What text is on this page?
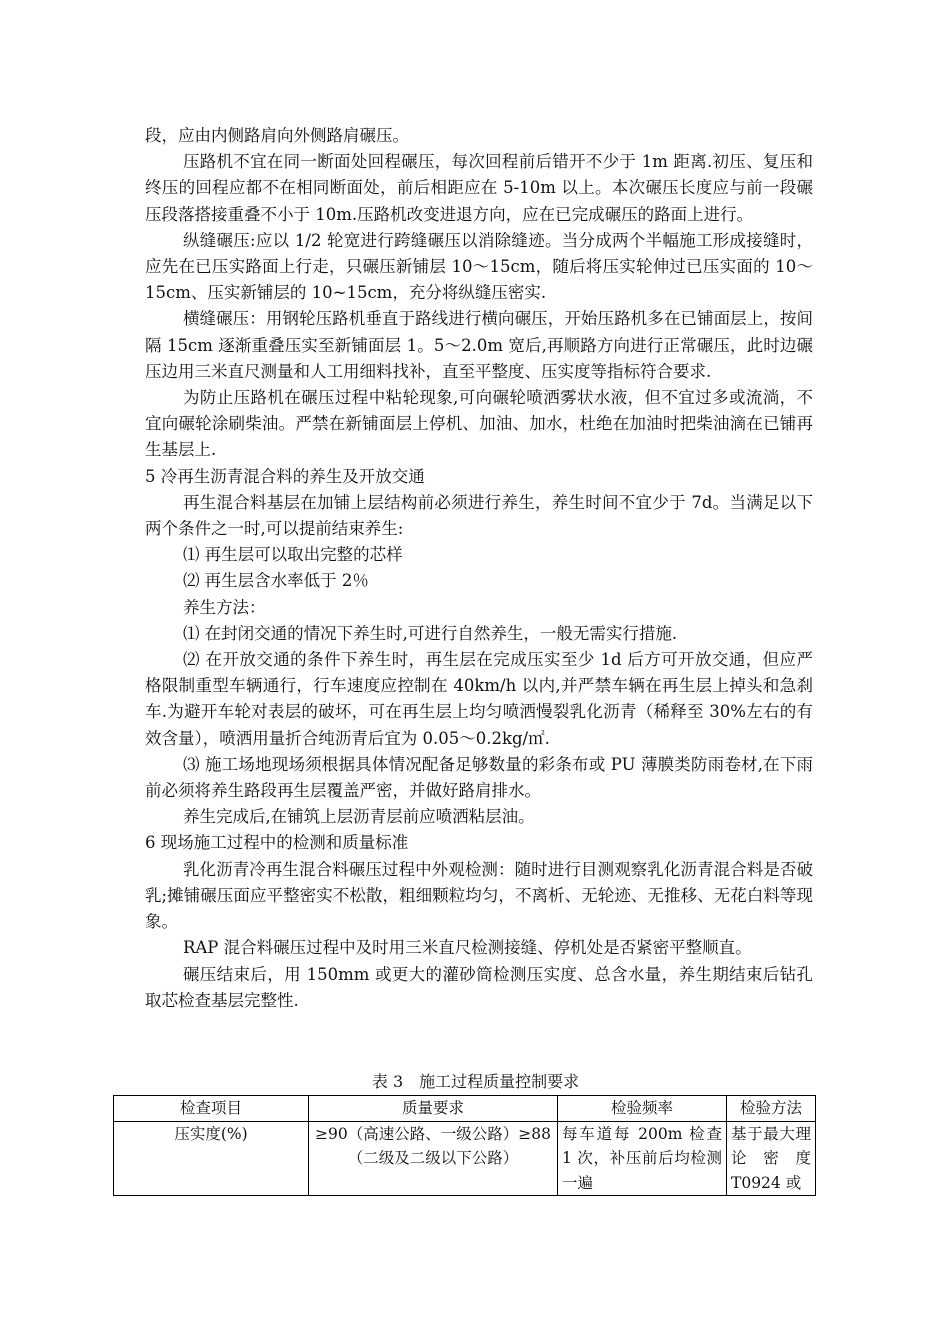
段，应由内侧路肩向外侧路肩碾压。

压路机不宜在同一断面处回程碾压，每次回程前后错开不少于 1m 距离.初压、复压和终压的回程应都不在相同断面处，前后相距应在 5-10m 以上。本次碾压长度应与前一段碾压段落搭接重叠不小于 10m.压路机改变进退方向，应在已完成碾压的路面上进行。

纵缝碾压:应以 1/2 轮宽进行跨缝碾压以消除缝迹。当分成两个半幅施工形成接缝时，应先在已压实路面上行走，只碾压新铺层 10～15cm，随后将压实轮伸过已压实面的 10～15cm、压实新铺层的 10~15cm，充分将纵缝压密实.

横缝碾压：用钢轮压路机垂直于路线进行横向碾压，开始压路机多在已铺面层上，按间隔 15cm 逐渐重叠压实至新铺面层 1。5～2.0m 宽后,再顺路方向进行正常碾压，此时边碾压边用三米直尺测量和人工用细料找补，直至平整度、压实度等指标符合要求.

为防止压路机在碾压过程中粘轮现象,可向碾轮喷洒雾状水液，但不宜过多或流淌，不宜向碾轮涂刷柴油。严禁在新铺面层上停机、加油、加水，杜绝在加油时把柴油滴在已铺再生基层上.

5 冷再生沥青混合料的养生及开放交通

再生混合料基层在加铺上层结构前必须进行养生，养生时间不宜少于 7d。当满足以下两个条件之一时,可以提前结束养生:

⑴ 再生层可以取出完整的芯样

⑵ 再生层含水率低于 2％

养生方法：

⑴ 在封闭交通的情况下养生时,可进行自然养生，一般无需实行措施.

⑵ 在开放交通的条件下养生时，再生层在完成压实至少 1d 后方可开放交通，但应严格限制重型车辆通行，行车速度应控制在 40km/h 以内,并严禁车辆在再生层上掉头和急刹车.为避开车轮对表层的破坏，可在再生层上均匀喷洒慢裂乳化沥青（稀释至 30%左右的有效含量），喷洒用量折合纯沥青后宜为 0.05～0.2kg/㎡.

⑶ 施工场地现场须根据具体情况配备足够数量的彩条布或 PU 薄膜类防雨卷材,在下雨前必须将养生路段再生层覆盖严密，并做好路肩排水。

养生完成后,在铺筑上层沥青层前应喷洒粘层油。

6 现场施工过程中的检测和质量标准

乳化沥青冷再生混合料碾压过程中外观检测：随时进行目测观察乳化沥青混合料是否破乳;摊铺碾压面应平整密实不松散，粗细颗粒均匀，不离析、无轮迹、无推移、无花白料等现象。

RAP 混合料碾压过程中及时用三米直尺检测接缝、停机处是否紧密平整顺直。

碾压结束后，用 150mm 或更大的灌砂筒检测压实度、总含水量，养生期结束后钻孔取芯检查基层完整性.

表 3　施工过程质量控制要求

检查项目	质量要求	检验频率	检验方法
压实度(%)	≥90（高速公路、一级公路）≥88（二级及二级以下公路）	每车道每 200m 检查 1 次，补压前后均检测一遍	基于最大理论密度 T0924 或
